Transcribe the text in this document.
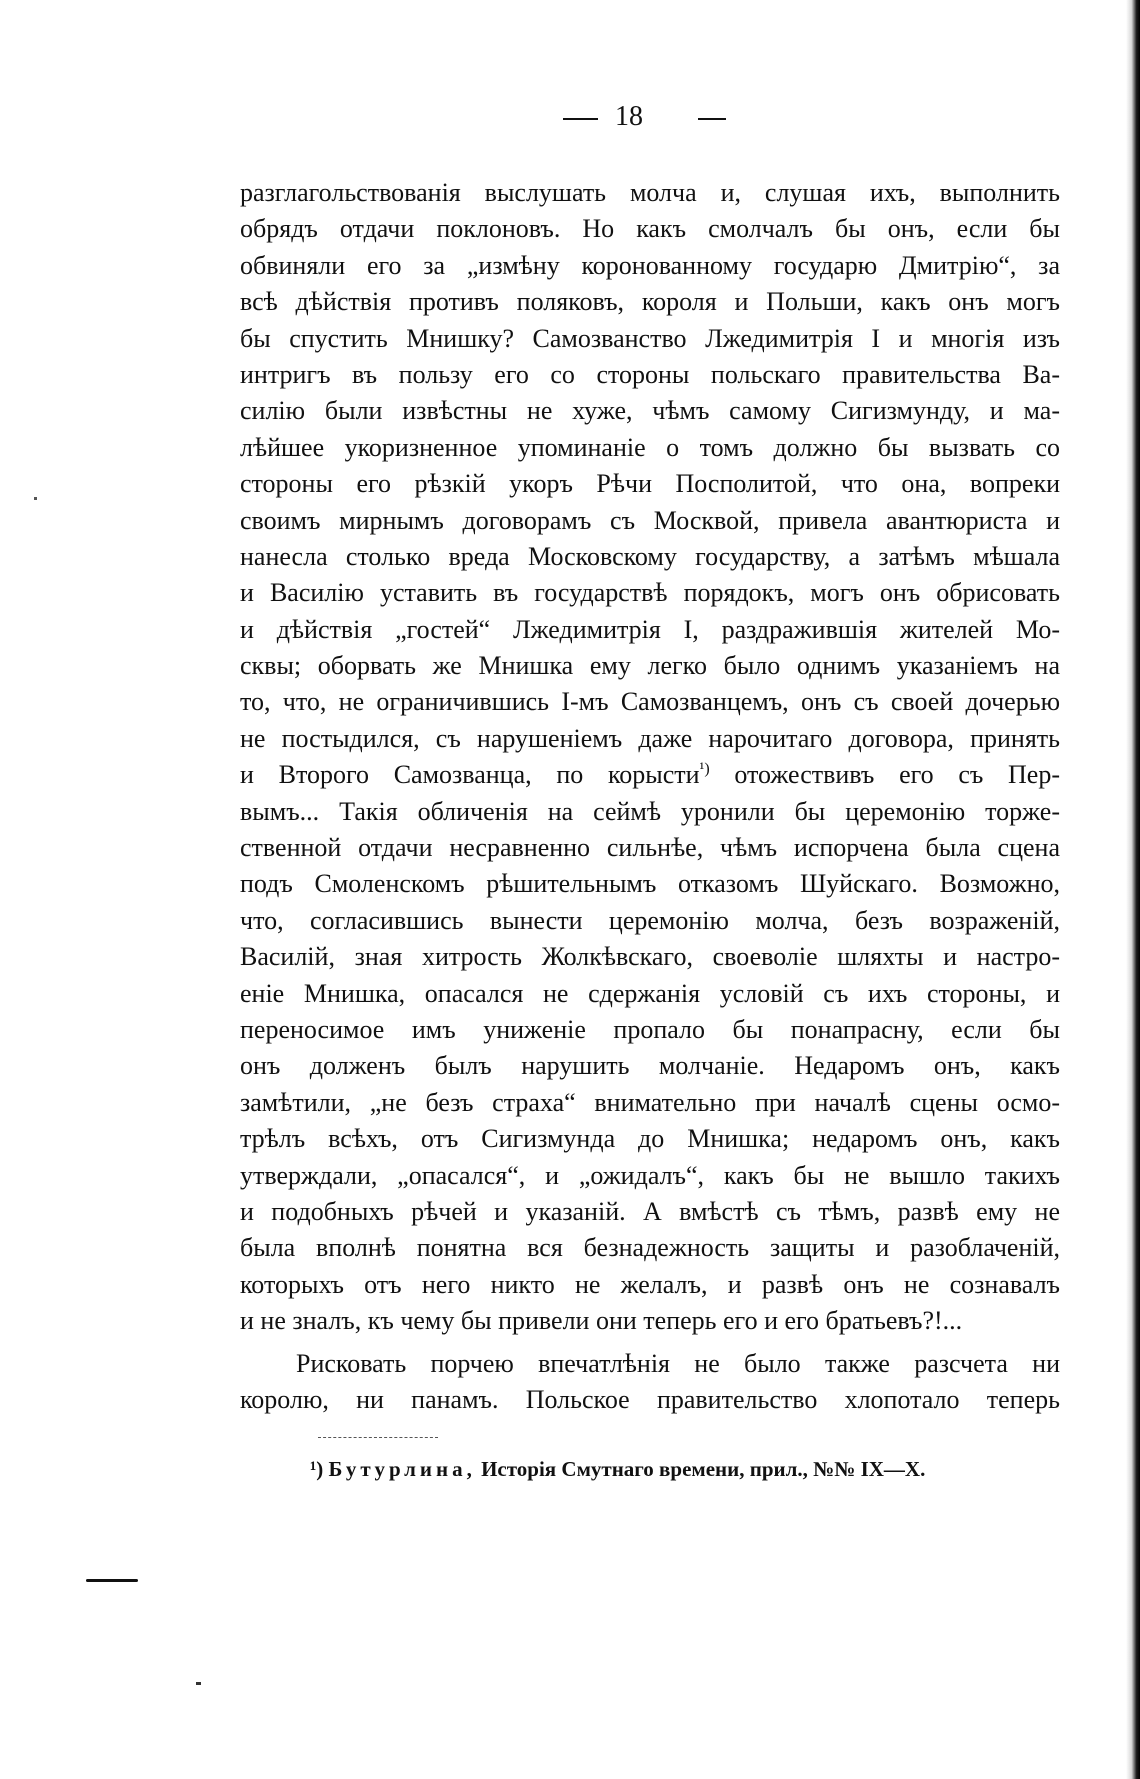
18
разглагольствованія выслушать молча и, слушая ихъ, выполнить
обрядъ отдачи поклоновъ. Но какъ смолчалъ бы онъ, если бы
обвиняли его за „измѣну коронованному государю Дмитрію“, за
всѣ дѣйствія противъ поляковъ, короля и Польши, какъ онъ могъ
бы спустить Мнишку? Самозванство Лжедимитрія I и многія изъ
интригъ въ пользу его со стороны польскаго правительства Ва-
силію были извѣстны не хуже, чѣмъ самому Сигизмунду, и ма-
лѣйшее укоризненное упоминаніе о томъ должно бы вызвать со
стороны его рѣзкій укоръ Рѣчи Посполитой, что она, вопреки
своимъ мирнымъ договорамъ съ Москвой, привела авантюриста и
нанесла столько вреда Московскому государству, а затѣмъ мѣшала
и Василію уставить въ государствѣ порядокъ, могъ онъ обрисовать
и дѣйствія „гостей“ Лжедимитрія I, раздражившія жителей Мо-
сквы; оборвать же Мнишка ему легко было однимъ указаніемъ на
то, что, не ограничившись I-мъ Самозванцемъ, онъ съ своей дочерью
не постыдился, съ нарушеніемъ даже нарочитаго договора, принять
и Второго Самозванца, по корысти$^{^1)}$ отожествивъ его съ Пер-
вымъ... Такія обличенія на сеймѣ уронили бы церемонію торже-
ственной отдачи несравненно сильнѣе, чѣмъ испорчена была сцена
подъ Смоленскомъ рѣшительнымъ отказомъ Шуйскаго. Возможно,
что, согласившись вынести церемонію молча, безъ возраженій,
Василій, зная хитрость Жолкѣвскаго, своеволіе шляхты и настро-
еніе Мнишка, опасался не сдержанія условій съ ихъ стороны, и
переносимое имъ униженіе пропало бы понапрасну, если бы
онъ долженъ былъ нарушить молчаніе. Недаромъ онъ, какъ
замѣтили, „не безъ страха“ внимательно при началѣ сцены осмо-
трѣлъ всѣхъ, отъ Сигизмунда до Мнишка; недаромъ онъ, какъ
утверждали, „опасался“, и „ожидалъ“, какъ бы не вышло такихъ
и подобныхъ рѣчей и указаній. А вмѣстѣ съ тѣмъ, развѣ ему не
была вполнѣ понятна вся безнадежность защиты и разоблаченій,
которыхъ отъ него никто не желалъ, и развѣ онъ не сознавалъ
и не зналъ, къ чему бы привели они теперь его и его братьевъ?!...
Рисковать порчею впечатлѣнія не было также разсчета ни
королю, ни панамъ. Польское правительство хлопотало теперь
¹) Бутурлина, Исторія Смутнаго времени, прил., №№ IX—X.
